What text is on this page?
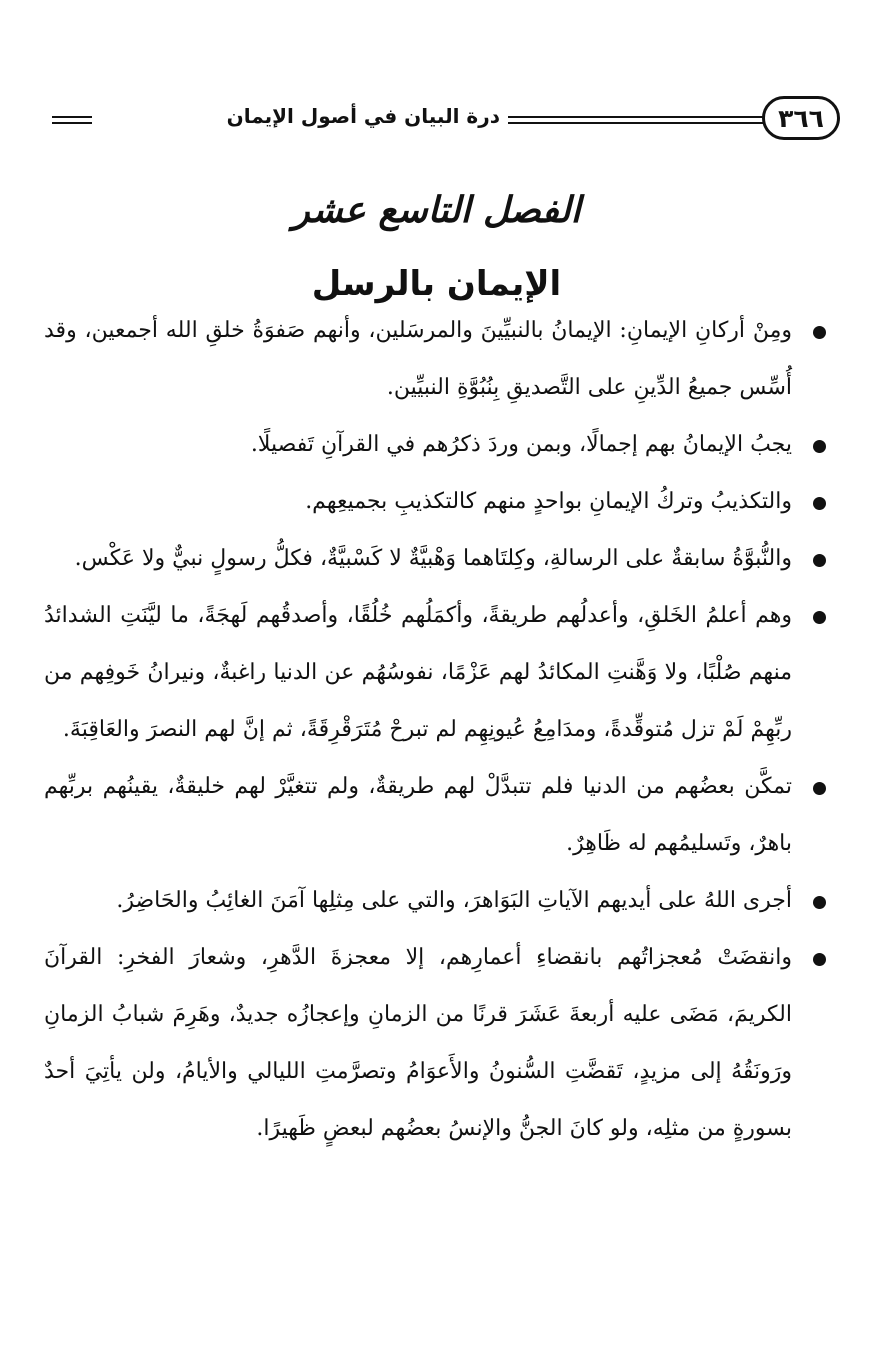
٣٦٦
درة البيان في أصول الإيمان
الفصل التاسع عشر
الإيمان بالرسل
ومِنْ أركانِ الإيمانِ: الإيمانُ بالنبيِّينَ والمرسَلين، وأنهم صَفوَةُ خلقِ الله أجمعين، وقد أُسِّس جميعُ الدِّينِ على التَّصديقِ بِنُبُوَّةِ النبيِّين.
يجبُ الإيمانُ بهم إجمالًا، وبمن وردَ ذكرُهم في القرآنِ تَفصيلًا.
والتكذيبُ وتركُ الإيمانِ بواحدٍ منهم كالتكذيبِ بجميعِهم.
والنُّبوَّةُ سابقةٌ على الرسالةِ، وكِلتَاهما وَهْبيَّةٌ لا كَسْبيَّةٌ، فكلُّ رسولٍ نبيٌّ ولا عَكْس.
وهم أعلمُ الخَلقِ، وأعدلُهم طريقةً، وأكمَلُهم خُلُقًا، وأصدقُهم لَهجَةً، ما ليَّنَتِ الشدائدُ منهم صُلْبًا، ولا وَهَّنتِ المكائدُ لهم عَزْمًا، نفوسُهُم عن الدنيا راغبةٌ، ونيرانُ خَوفِهم من ربِّهِمْ لَمْ تزل مُتوقِّدةً، ومدَامِعُ عُيونِهِم لم تبرحْ مُتَرَقْرِقَةً، ثم إنَّ لهم النصرَ والعَاقِبَةَ.
تمكَّن بعضُهم من الدنيا فلم تتبدَّلْ لهم طريقةٌ، ولم تتغيَّرْ لهم خليقةٌ، يقينُهم بربِّهم باهرٌ، وتَسليمُهم له ظَاهِرٌ.
أجرى اللهُ على أيديهم الآياتِ البَوَاهرَ، والتي على مِثلِها آمَنَ الغائِبُ والحَاضِرُ.
وانقضَتْ مُعجزاتُهم بانقضاءِ أعمارِهم، إلا معجزةَ الدَّهرِ، وشعارَ الفخرِ: القرآنَ الكريمَ، مَضَى عليه أربعةَ عَشَرَ قرنًا من الزمانِ وإعجازُه جديدٌ، وهَرِمَ شبابُ الزمانِ ورَونَقُهُ إلى مزيدٍ، تَقضَّتِ السُّنونُ والأَعوَامُ وتصرَّمتِ الليالي والأيامُ، ولن يأتِيَ أحدٌ بسورةٍ من مثلِه، ولو كانَ الجنُّ والإنسُ بعضُهم لبعضٍ ظَهيرًا.
